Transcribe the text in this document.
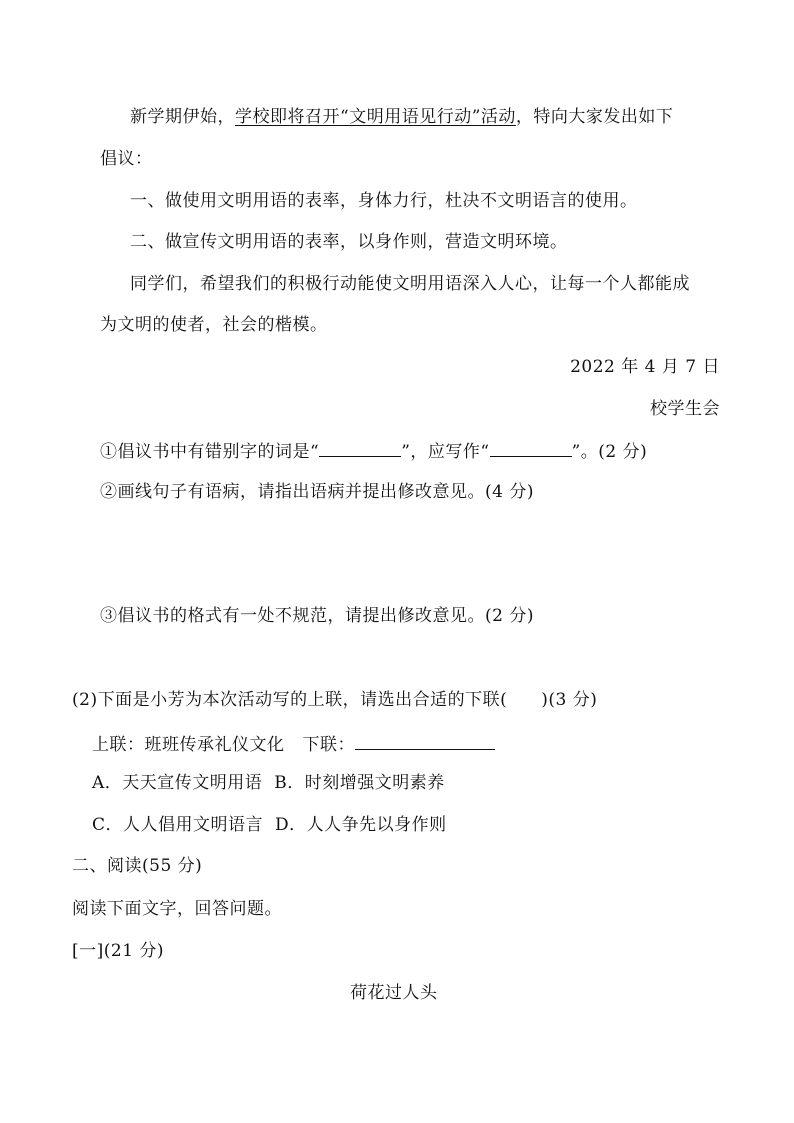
新学期伊始，学校即将召开“文明用语见行动”活动，特向大家发出如下
倡议：
一、做使用文明用语的表率，身体力行，杜决不文明语言的使用。
二、做宣传文明用语的表率，以身作则，营造文明环境。
同学们，希望我们的积极行动能使文明用语深入人心，让每一个人都能成
为文明的使者，社会的楷模。
2022 年 4 月 7 日
校学生会
①倡议书中有错别字的词是“	”，应写作“	”。(2 分)
②画线句子有语病，请指出语病并提出修改意见。(4 分)
③倡议书的格式有一处不规范，请提出修改意见。(2 分)
(2)下面是小芳为本次活动写的上联，请选出合适的下联( )(3 分)
上联：班班传承礼仪文化 下联：
A．天天宣传文明用语 B．时刻增强文明素养
C．人人倡用文明语言 D．人人争先以身作则
二、阅读(55 分)
阅读下面文字，回答问题。
[一](21 分)
荷花过人头
